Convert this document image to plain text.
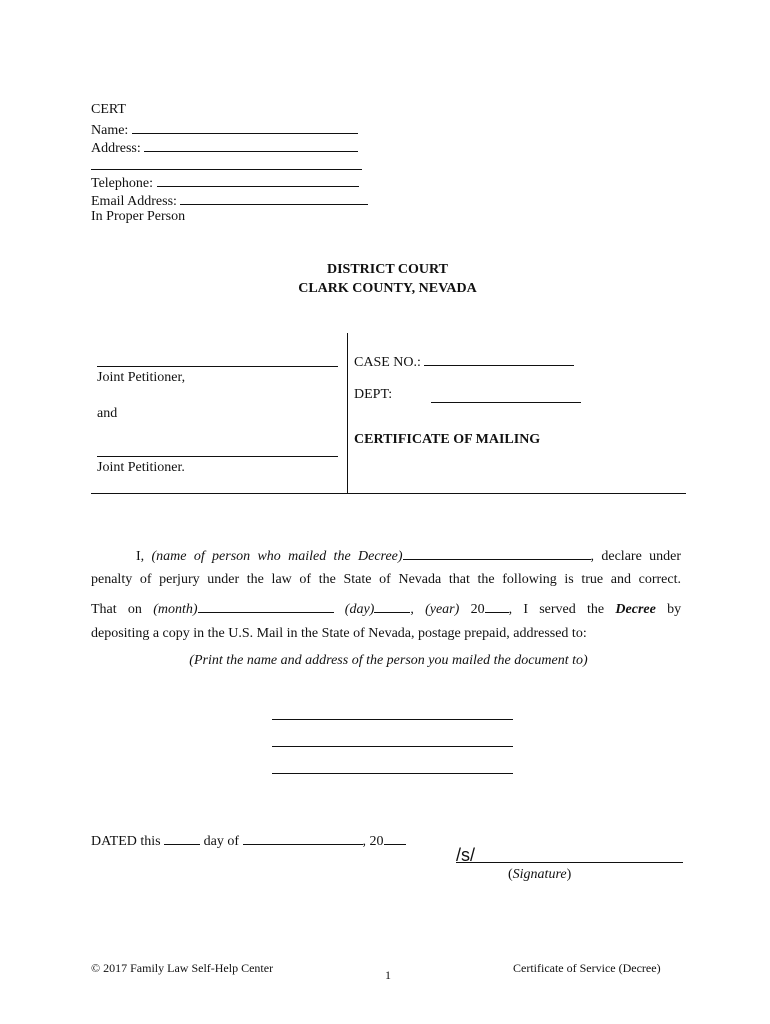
CERT
Name:
Address:
Telephone:
Email Address:
In Proper Person
DISTRICT COURT
CLARK COUNTY, NEVADA
Joint Petitioner,
and
Joint Petitioner.
CASE NO.:
DEPT:
CERTIFICATE OF MAILING
I, (name of person who mailed the Decree)	, declare under
penalty of perjury under the law of the State of Nevada that the following is true and correct.
That on (month)	(day)	, (year) 20 , I served the Decree by
depositing a copy in the U.S. Mail in the State of Nevada, postage prepaid, addressed to:
(Print the name and address of the person you mailed the document to)
DATED this	day of	, 20
/s/
(Signature)
© 2017 Family Law Self-Help Center	1	Certificate of Service (Decree)
